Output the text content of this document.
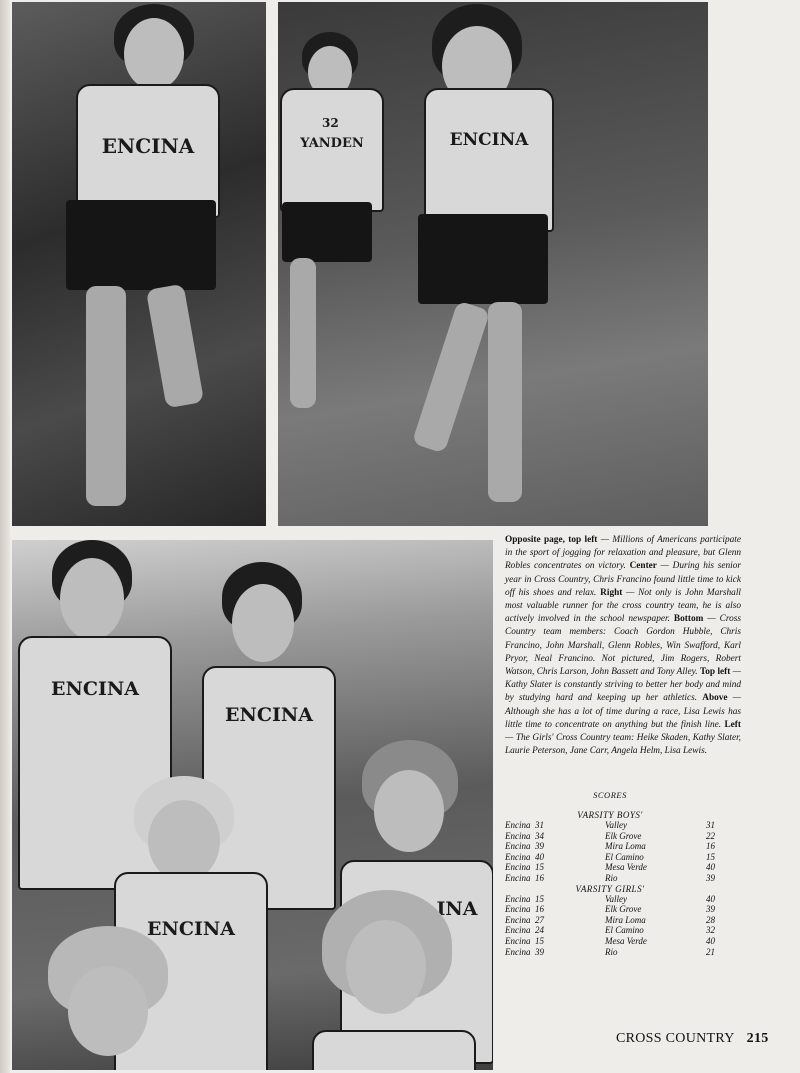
ENCINA
32
YANDEN	ENCINA
ENCINA
ENCINA
ENCINA
INA
Opposite page, top left — Millions of Americans participate in the sport of jogging for relaxation and pleasure, but Glenn Robles concentrates on victory. Center — During his senior year in Cross Country, Chris Francino found little time to kick off his shoes and relax. Right — Not only is John Marshall most valuable runner for the cross country team, he is also actively involved in the school newspaper. Bottom — Cross Country team members: Coach Gordon Hubble, Chris Francino, John Marshall, Glenn Robles, Win Swafford, Karl Pryor, Neal Francino. Not pictured, Jim Rogers, Robert Watson, Chris Larson, John Bassett and Tony Alley. Top left — Kathy Slater is constantly striving to better her body and mind by studying hard and keeping up her athletics. Above — Although she has a lot of time during a race, Lisa Lewis has little time to concentrate on anything but the finish line. Left — The Girls' Cross Country team: Heike Skaden, Kathy Slater, Laurie Peterson, Jane Carr, Angela Helm, Lisa Lewis.
SCORES
VARSITY BOYS'
Encina	31	Valley	31
Encina	34	Elk Grove	22
Encina	39	Mira Loma	16
Encina	40	El Camino	15
Encina	15	Mesa Verde	40
Encina	16	Rio	39
VARSITY GIRLS'
Encina	15	Valley	40
Encina	16	Elk Grove	39
Encina	27	Mira Loma	28
Encina	24	El Camino	32
Encina	15	Mesa Verde	40
Encina	39	Rio	21
CROSS COUNTRY 215
